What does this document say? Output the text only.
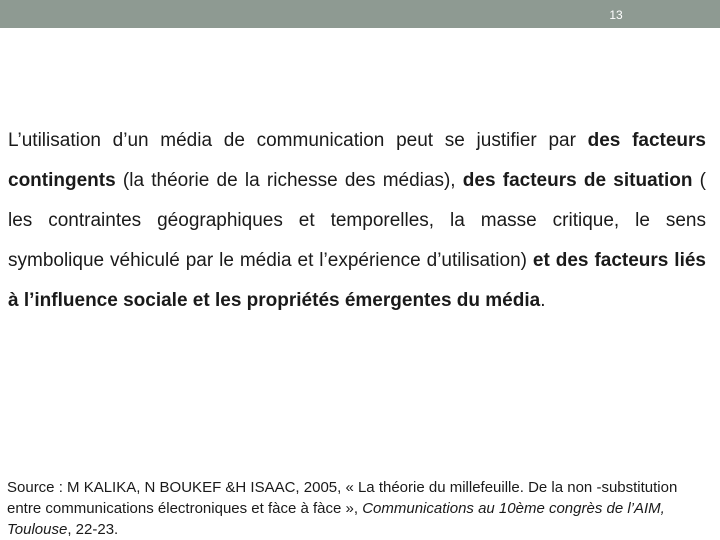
13

L’utilisation d’un média de communication peut se justifier par des facteurs contingents (la théorie de la richesse des médias), des facteurs de situation ( les contraintes géographiques et temporelles, la masse critique, le sens symbolique véhiculé par le média et l’expérience d’utilisation) et des facteurs liés à l’influence sociale et les propriétés émergentes du média.

Source : M KALIKA, N BOUKEF &H ISAAC, 2005, « La théorie du millefeuille. De la non -substitution entre communications électroniques et fàce à fàce », Communications au 10ème congrès de l’AIM, Toulouse, 22-23.
